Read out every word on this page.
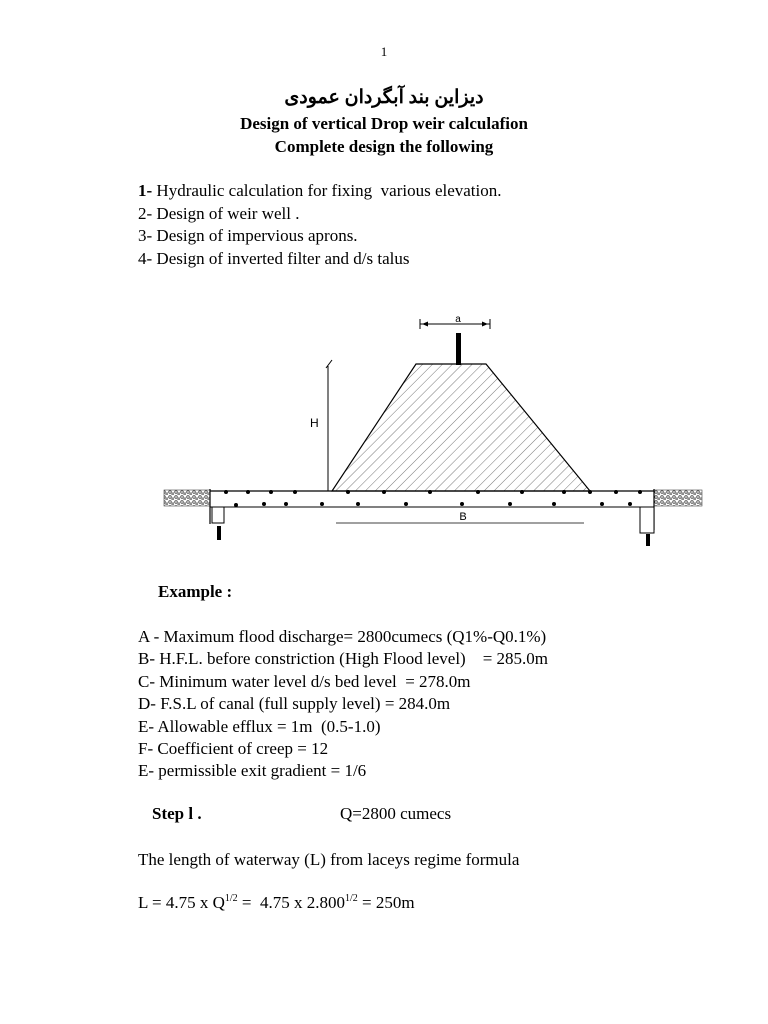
1
دیزاین بند آبگردان عمودی
Design of vertical Drop weir calculafion
Complete design the following
1- Hydraulic calculation for fixing  various elevation.
2- Design of weir well .
3- Design of impervious aprons.
4- Design of inverted filter and d/s talus
a
H
B
Example :
A - Maximum flood discharge= 2800cumecs (Q1%-Q0.1%)
B- H.F.L. before constriction (High Flood level)    = 285.0m
C- Minimum water level d/s bed level  = 278.0m
D- F.S.L of canal (full supply level) = 284.0m
E- Allowable efflux = 1m  (0.5-1.0)
F- Coefficient of creep = 12
E- permissible exit gradient = 1/6
Step l .	Q=2800 cumecs
The length of waterway (L) from laceys regime formula
L = 4.75 x $Q^{1/2} = 4.75$ x $2.800^{1/2} = 250m$
